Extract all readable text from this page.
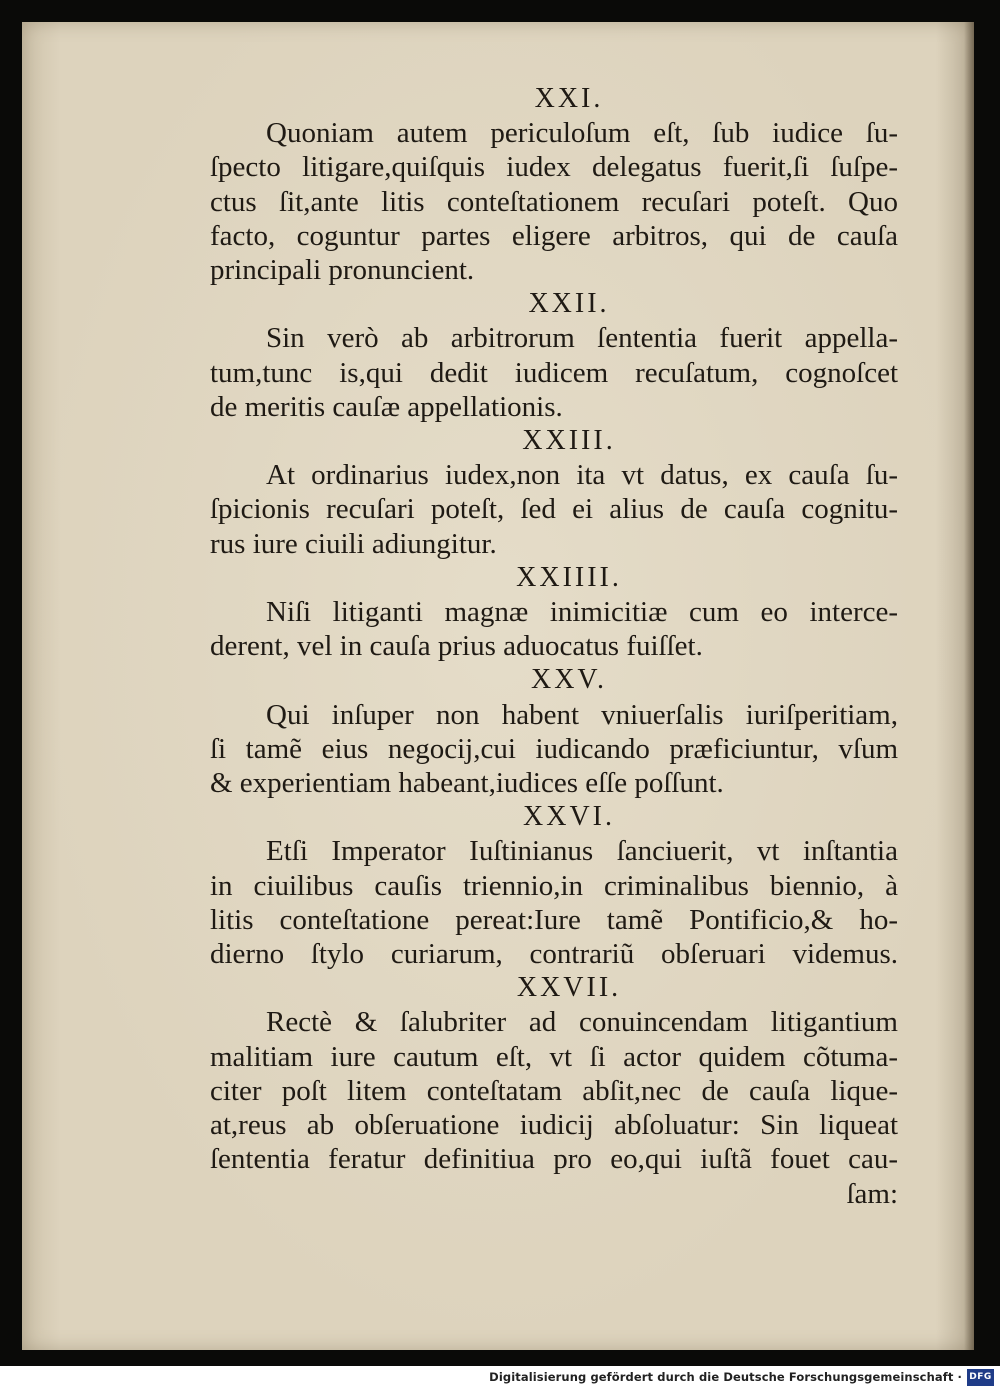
XXI.
Quoniam autem periculoſum eſt, ſub iudice ſu-
ſpecto litigare,quiſquis iudex delegatus fuerit,ſi ſuſpe-
ctus ſit,ante litis conteſtationem recuſari poteſt. Quo
facto, coguntur partes eligere arbitros, qui de cauſa
principali pronuncient.
XXII.
Sin verò ab arbitrorum ſententia fuerit appella-
tum,tunc is,qui dedit iudicem recuſatum, cognoſcet
de meritis cauſæ appellationis.
XXIII.
At ordinarius iudex,non ita vt datus, ex cauſa ſu-
ſpicionis recuſari poteſt, ſed ei alius de cauſa cognitu-
rus iure ciuili adiungitur.
XXIIII.
Niſi litiganti magnæ inimicitiæ cum eo interce-
derent, vel in cauſa prius aduocatus fuiſſet.
XXV.
Qui inſuper non habent vniuerſalis iuriſperitiam,
ſi tamẽ eius negocij,cui iudicando præficiuntur, vſum
& experientiam habeant,iudices eſſe poſſunt.
XXVI.
Etſi Imperator Iuſtinianus ſanciuerit, vt inſtantia
in ciuilibus cauſis triennio,in criminalibus biennio, à
litis conteſtatione pereat:Iure tamẽ Pontificio,& ho-
dierno ſtylo curiarum, contrariũ obſeruari videmus.
XXVII.
Rectè & ſalubriter ad conuincendam litigantium
malitiam iure cautum eſt, vt ſi actor quidem cõtuma-
citer poſt litem conteſtatam abſit,nec de cauſa lique-
at,reus ab obſeruatione iudicij abſoluatur: Sin liqueat
ſententia feratur definitiua pro eo,qui iuſtã fouet cau-
ſam:
Digitalisierung gefördert durch die Deutsche Forschungsgemeinschaft · DFG
